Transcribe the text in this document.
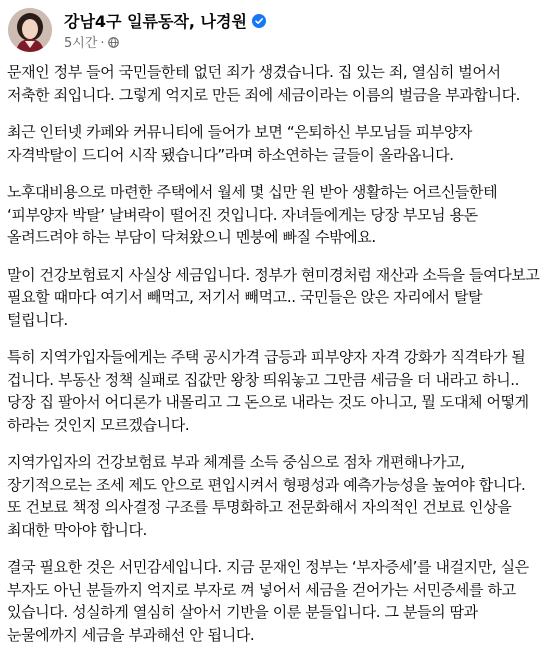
강남4구 일류동작, 나경원
5시간 ·

문재인 정부 들어 국민들한테 없던 죄가 생겼습니다. 집 있는 죄, 열심히 벌어서 저축한 죄입니다. 그렇게 억지로 만든 죄에 세금이라는 이름의 벌금을 부과합니다.

최근 인터넷 카페와 커뮤니티에 들어가 보면 “은퇴하신 부모님들 피부양자 자격박탈이 드디어 시작 됐습니다”라며 하소연하는 글들이 올라옵니다.

노후대비용으로 마련한 주택에서 월세 몇 십만 원 받아 생활하는 어르신들한테 ‘피부양자 박탈’ 날벼락이 떨어진 것입니다. 자녀들에게는 당장 부모님 용돈 올려드려야 하는 부담이 닥쳐왔으니 멘붕에 빠질 수밖에요.

말이 건강보험료지 사실상 세금입니다. 정부가 현미경처럼 재산과 소득을 들여다보고 필요할 때마다 여기서 빼먹고, 저기서 빼먹고.. 국민들은 앉은 자리에서 탈탈 털립니다.

특히 지역가입자들에게는 주택 공시가격 급등과 피부양자 자격 강화가 직격타가 될 겁니다. 부동산 정책 실패로 집값만 왕창 띄워놓고 그만큼 세금을 더 내라고 하니.. 당장 집 팔아서 어디론가 내몰리고 그 돈으로 내라는 것도 아니고, 뭘 도대체 어떻게 하라는 것인지 모르겠습니다.

지역가입자의 건강보험료 부과 체계를 소득 중심으로 점차 개편해나가고, 장기적으로는 조세 제도 안으로 편입시켜서 형평성과 예측가능성을 높여야 합니다. 또 건보료 책정 의사결정 구조를 투명화하고 전문화해서 자의적인 건보료 인상을 최대한 막아야 합니다.

결국 필요한 것은 서민감세입니다. 지금 문재인 정부는 ‘부자증세’를 내걸지만, 실은 부자도 아닌 분들까지 억지로 부자로 껴 넣어서 세금을 걷어가는 서민증세를 하고 있습니다. 성실하게 열심히 살아서 기반을 이룬 분들입니다. 그 분들의 땀과 눈물에까지 세금을 부과해선 안 됩니다.
